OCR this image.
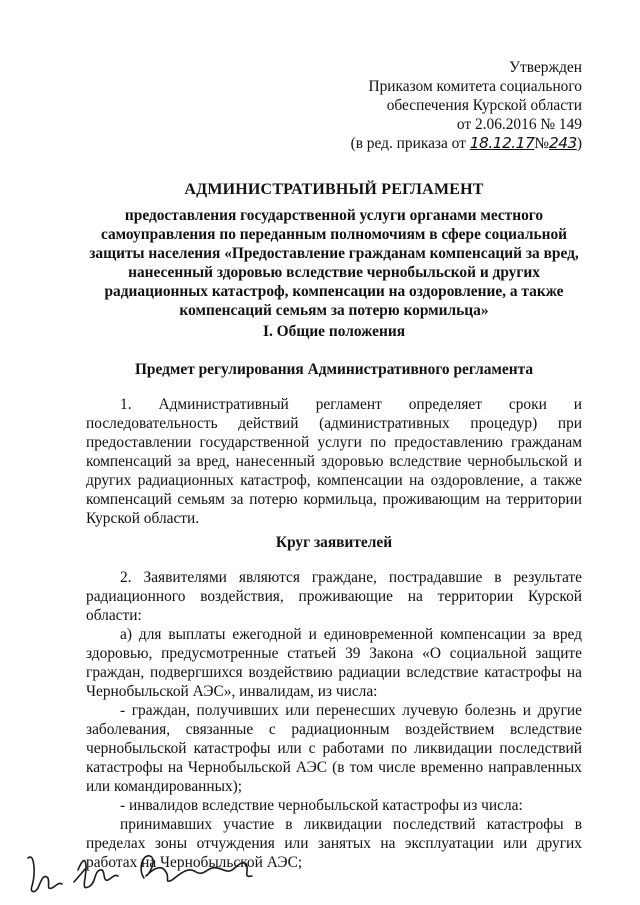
Утвержден
Приказом комитета социального
обеспечения Курской области
от 2.06.2016 № 149
(в ред. приказа от 18.12.17№243)
АДМИНИСТРАТИВНЫЙ РЕГЛАМЕНТ
предоставления государственной услуги органами местного
самоуправления по переданным полномочиям в сфере социальной
защиты населения «Предоставление гражданам компенсаций за вред,
нанесенный здоровью вследствие чернобыльской и других
радиационных катастроф, компенсации на оздоровление, а также
компенсаций семьям за потерю кормильца»
I. Общие положения
Предмет регулирования Административного регламента
1. Административный регламент определяет сроки и
последовательность действий (административных процедур) при
предоставлении государственной услуги по предоставлению гражданам
компенсаций за вред, нанесенный здоровью вследствие чернобыльской и
других радиационных катастроф, компенсации на оздоровление, а также
компенсаций семьям за потерю кормильца, проживающим на территории
Курской области.
Круг заявителей
2. Заявителями являются граждане, пострадавшие в результате
радиационного воздействия, проживающие на территории Курской
области:
а) для выплаты ежегодной и единовременной компенсации за вред
здоровью, предусмотренные статьей 39 Закона «О социальной защите
граждан, подвергшихся воздействию радиации вследствие катастрофы на
Чернобыльской АЭС», инвалидам, из числа:
- граждан, получивших или перенесших лучевую болезнь и другие
заболевания, связанные с радиационным воздействием вследствие
чернобыльской катастрофы или с работами по ликвидации последствий
катастрофы на Чернобыльской АЭС (в том числе временно направленных
или командированных);
- инвалидов вследствие чернобыльской катастрофы из числа:
принимавших участие в ликвидации последствий катастрофы в
пределах зоны отчуждения или занятых на эксплуатации или других
работах на Чернобыльской АЭС;
